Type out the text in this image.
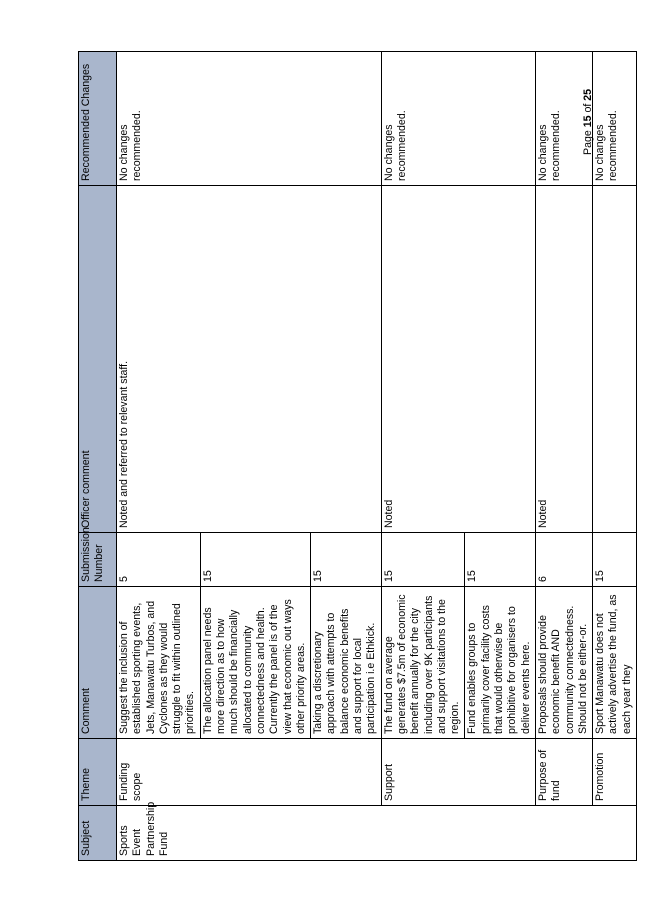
Subject	Theme	Comment	Submission Number	Officer comment	Recommended Changes
Sports Event Partnership Fund	Funding scope	Suggest the inclusion of established sporting events, Jets, Manawatu Turbos, and Cyclones as they would struggle to fit within outlined priorities.	5	Noted and referred to relevant staff.	No changes recommended.
		The allocation panel needs more direction as to how much should be financially allocated to community connectedness and health. Currently the panel is of the view that economic out ways other priority areas.	15		
		Taking a discretionary approach with attempts to balance economic benefits and support for local participation i.e Ethkick.	15		
	Support	The fund on average generates $7.5m of economic benefit annually for the city including over 9K participants and support visitations to the region.	15	Noted	No changes recommended.
		Fund enables groups to primarily cover facility costs that would otherwise be prohibitive for organisers to deliver events here.	15		
	Purpose of fund	Proposals should provide economic benefit AND community connectedness. Should not be either-or.	6	Noted	No changes recommended.
	Promotion	Sport Manawatu does not actively advertise the fund, as each year they	15		No changes recommended.
Page 15 of 25
